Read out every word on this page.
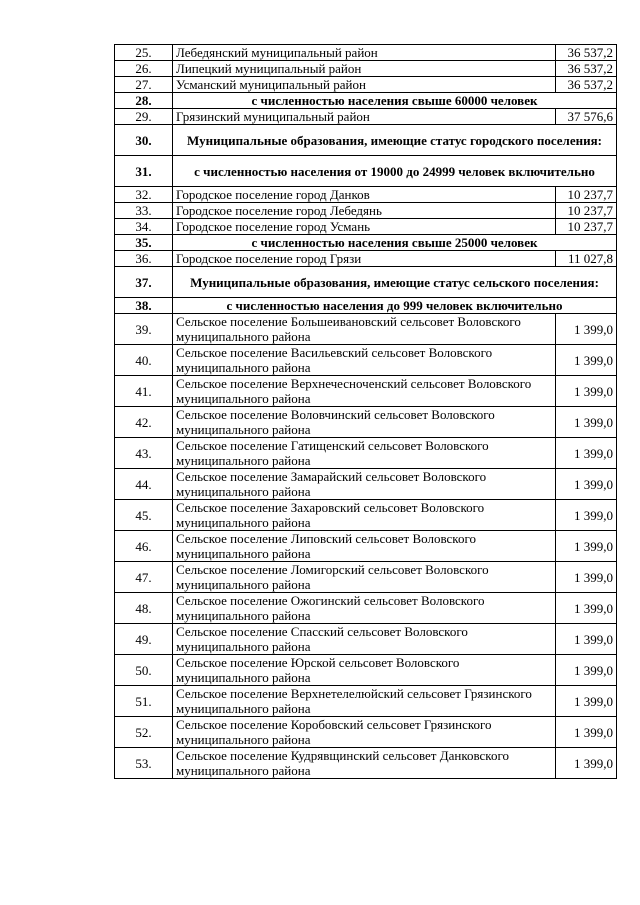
25.	Лебедянский муниципальный район	36 537,2
26.	Липецкий муниципальный район	36 537,2
27.	Усманский муниципальный район	36 537,2
28.	с численностью населения свыше 60000 человек	
29.	Грязинский муниципальный район	37 576,6
30.	Муниципальные образования, имеющие статус городского поселения:	
31.	с численностью населения от 19000 до 24999 человек включительно	
32.	Городское поселение город Данков	10 237,7
33.	Городское поселение город Лебедянь	10 237,7
34.	Городское поселение город Усмань	10 237,7
35.	с численностью населения свыше 25000 человек	
36.	Городское поселение город Грязи	11 027,8
37.	Муниципальные образования, имеющие статус сельского поселения:	
38.	с численностью населения до 999 человек включительно	
39.	Сельское поселение Большеивановский сельсовет Воловского муниципального района	1 399,0
40.	Сельское поселение Васильевский сельсовет Воловского муниципального района	1 399,0
41.	Сельское поселение Верхнечесноченский сельсовет Воловского муниципального района	1 399,0
42.	Сельское поселение Воловчинский сельсовет Воловского муниципального района	1 399,0
43.	Сельское поселение Гатищенский сельсовет Воловского муниципального района	1 399,0
44.	Сельское поселение Замарайский сельсовет Воловского муниципального района	1 399,0
45.	Сельское поселение Захаровский сельсовет Воловского муниципального района	1 399,0
46.	Сельское поселение Липовский сельсовет Воловского муниципального района	1 399,0
47.	Сельское поселение Ломигорский сельсовет Воловского муниципального района	1 399,0
48.	Сельское поселение Ожогинский сельсовет Воловского муниципального района	1 399,0
49.	Сельское поселение Спасский сельсовет Воловского муниципального района	1 399,0
50.	Сельское поселение Юрской сельсовет Воловского муниципального района	1 399,0
51.	Сельское поселение Верхнетелелюйский сельсовет Грязинского муниципального района	1 399,0
52.	Сельское поселение Коробовский сельсовет Грязинского муниципального района	1 399,0
53.	Сельское поселение Кудрявщинский сельсовет Данковского муниципального района	1 399,0
